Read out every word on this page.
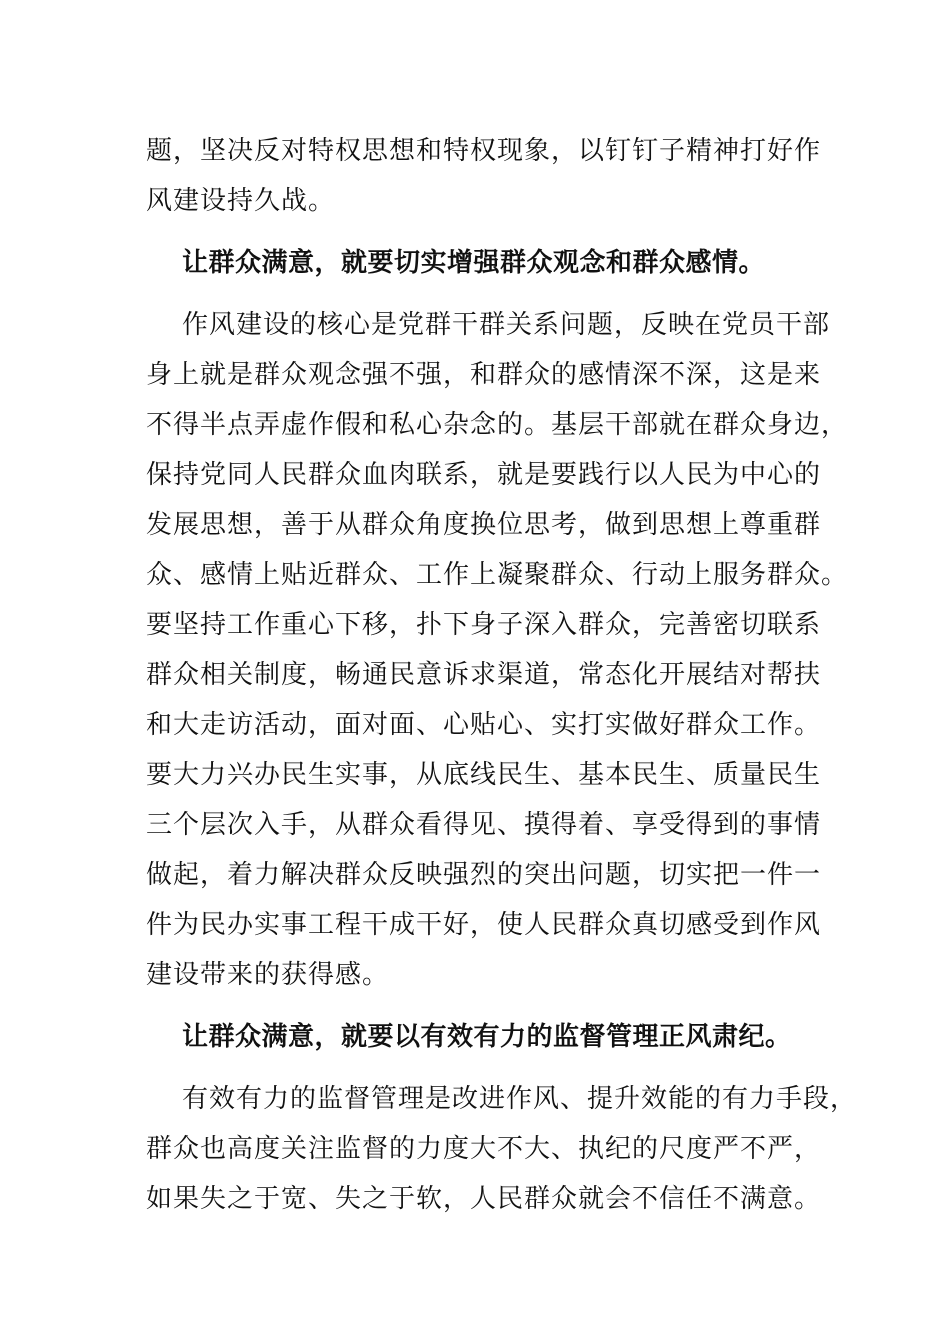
题，坚决反对特权思想和特权现象，以钉钉子精神打好作
风建设持久战。
让群众满意，就要切实增强群众观念和群众感情。
作风建设的核心是党群干群关系问题，反映在党员干部
身上就是群众观念强不强，和群众的感情深不深，这是来
不得半点弄虚作假和私心杂念的。基层干部就在群众身边，
保持党同人民群众血肉联系，就是要践行以人民为中心的
发展思想，善于从群众角度换位思考，做到思想上尊重群
众、感情上贴近群众、工作上凝聚群众、行动上服务群众。
要坚持工作重心下移，扑下身子深入群众，完善密切联系
群众相关制度，畅通民意诉求渠道，常态化开展结对帮扶
和大走访活动，面对面、心贴心、实打实做好群众工作。
要大力兴办民生实事，从底线民生、基本民生、质量民生
三个层次入手，从群众看得见、摸得着、享受得到的事情
做起，着力解决群众反映强烈的突出问题，切实把一件一
件为民办实事工程干成干好，使人民群众真切感受到作风
建设带来的获得感。
让群众满意，就要以有效有力的监督管理正风肃纪。
有效有力的监督管理是改进作风、提升效能的有力手段，
群众也高度关注监督的力度大不大、执纪的尺度严不严，
如果失之于宽、失之于软，人民群众就会不信任不满意。
